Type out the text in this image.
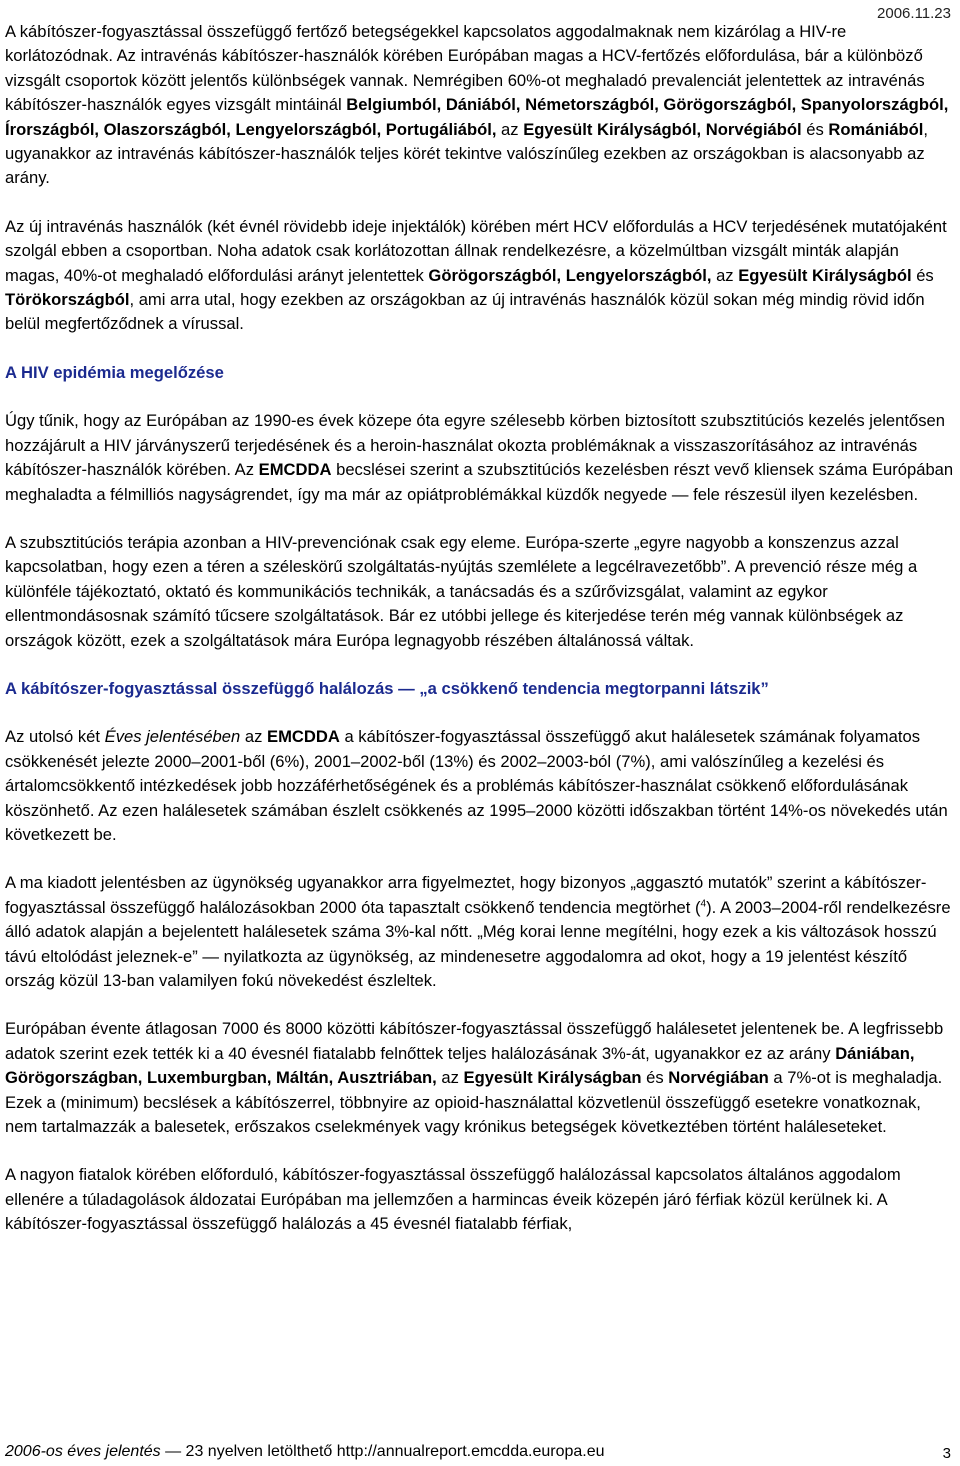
2006.11.23

A kábítószer-fogyasztással összefüggő fertőző betegségekkel kapcsolatos aggodalmaknak nem kizárólag a HIV-re korlátozódnak. Az intravénás kábítószer-használók körében Európában magas a HCV-fertőzés előfordulása, bár a különböző vizsgált csoportok között jelentős különbségek vannak. Nemrégiben 60%-ot meghaladó prevalenciát jelentettek az intravénás kábítószer-használók egyes vizsgált mintáinál Belgiumból, Dániából, Németországból, Görögországból, Spanyolországból, Írországból, Olaszországból, Lengyelországból, Portugáliából, az Egyesült Királyságból, Norvégiából és Romániából, ugyanakkor az intravénás kábítószer-használók teljes körét tekintve valószínűleg ezekben az országokban is alacsonyabb az arány.

Az új intravénás használók (két évnél rövidebb ideje injektálók) körében mért HCV előfordulás a HCV terjedésének mutatójaként szolgál ebben a csoportban. Noha adatok csak korlátozottan állnak rendelkezésre, a közelmúltban vizsgált minták alapján magas, 40%-ot meghaladó előfordulási arányt jelentettek Görögországból, Lengyelországból, az Egyesült Királyságból és Törökországból, ami arra utal, hogy ezekben az országokban az új intravénás használók közül sokan még mindig rövid időn belül megfertőződnek a vírussal.

A HIV epidémia megelőzése

Úgy tűnik, hogy az Európában az 1990-es évek közepe óta egyre szélesebb körben biztosított szubsztitúciós kezelés jelentősen hozzájárult a HIV járványszerű terjedésének és a heroin-használat okozta problémáknak a visszaszorításához az intravénás kábítószer-használók körében. Az EMCDDA becslései szerint a szubsztitúciós kezelésben részt vevő kliensek száma Európában meghaladta a félmilliós nagyságrendet, így ma már az opiátproblémákkal küzdők negyede — fele részesül ilyen kezelésben.

A szubsztitúciós terápia azonban a HIV-prevenciónak csak egy eleme. Európa-szerte „egyre nagyobb a konszenzus azzal kapcsolatban, hogy ezen a téren a széleskörű szolgáltatás-nyújtás szemlélete a legcélravezetőbb”. A prevenció része még a különféle tájékoztató, oktató és kommunikációs technikák, a tanácsadás és a szűrővizsgálat, valamint az egykor ellentmondásosnak számító tűcsere szolgáltatások. Bár ez utóbbi jellege és kiterjedése terén még vannak különbségek az országok között, ezek a szolgáltatások mára Európa legnagyobb részében általánossá váltak.

A kábítószer-fogyasztással összefüggő halálozás — „a csökkenő tendencia megtorpanni látszik”

Az utolsó két Éves jelentésében az EMCDDA a kábítószer-fogyasztással összefüggő akut halálesetek számának folyamatos csökkenését jelezte 2000–2001-ből (6%), 2001–2002-ből (13%) és 2002–2003-ból (7%), ami valószínűleg a kezelési és ártalomcsökkentő intézkedések jobb hozzáférhetőségének és a problémás kábítószer-használat csökkenő előfordulásának köszönhető. Az ezen halálesetek számában észlelt csökkenés az 1995–2000 közötti időszakban történt 14%-os növekedés után következett be.

A ma kiadott jelentésben az ügynökség ugyanakkor arra figyelmeztet, hogy bizonyos „aggasztó mutatók” szerint a kábítószer-fogyasztással összefüggő halálozásokban 2000 óta tapasztalt csökkenő tendencia megtörhet ($^4$). A 2003–2004-ről rendelkezésre álló adatok alapján a bejelentett halálesetek száma 3%-kal nőtt. „Még korai lenne megítélni, hogy ezek a kis változások hosszú távú eltolódást jeleznek-e” — nyilatkozta az ügynökség, az mindenesetre aggodalomra ad okot, hogy a 19 jelentést készítő ország közül 13-ban valamilyen fokú növekedést észleltek.

Európában évente átlagosan 7000 és 8000 közötti kábítószer-fogyasztással összefüggő halálesetet jelentenek be. A legfrissebb adatok szerint ezek tették ki a 40 évesnél fiatalabb felnőttek teljes halálozásának 3%-át, ugyanakkor ez az arány Dániában, Görögországban, Luxemburgban, Máltán, Ausztriában, az Egyesült Királyságban és Norvégiában a 7%-ot is meghaladja. Ezek a (minimum) becslések a kábítószerrel, többnyire az opioid-használattal közvetlenül összefüggő esetekre vonatkoznak, nem tartalmazzák a balesetek, erőszakos cselekmények vagy krónikus betegségek következtében történt haláleseteket.

A nagyon fiatalok körében előforduló, kábítószer-fogyasztással összefüggő halálozással kapcsolatos általános aggodalom ellenére a túladagolások áldozatai Európában ma jellemzően a harmincas éveik közepén járó férfiak közül kerülnek ki. A kábítószer-fogyasztással összefüggő halálozás a 45 évesnél fiatalabb férfiak,

2006-os éves jelentés — 23 nyelven letölthető http://annualreport.emcdda.europa.eu	3
